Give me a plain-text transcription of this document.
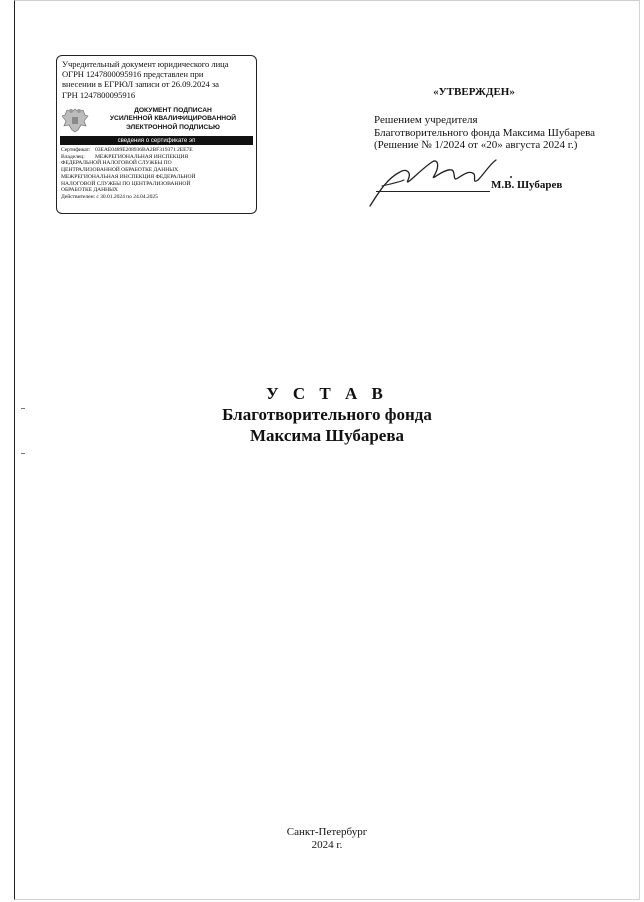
Учредительный документ юридического лица
ОГРН 1247800095916 представлен при
внесении в ЕГРЮЛ записи от 26.09.2024 за
ГРН 1247800095916
ДОКУМЕНТ ПОДПИСАН
УСИЛЕННОЙ КВАЛИФИЦИРОВАННОЙ
ЭЛЕКТРОННОЙ ПОДПИСЬЮ
сведения о сертификате эп
Сертификат: 03EAE0489E208936BA2BF319371 2EE7E
Владелец:	МЕЖРЕГИОНАЛЬНАЯ ИНСПЕКЦИЯ
ФЕДЕРАЛЬНОЙ НАЛОГОВОЙ СЛУЖБЫ ПО
ЦЕНТРАЛИЗОВАННОЙ ОБРАБОТКЕ ДАННЫХ
МЕЖРЕГИОНАЛЬНАЯ ИНСПЕКЦИЯ ФЕДЕРАЛЬНОЙ
НАЛОГОВОЙ СЛУЖБЫ ПО ЦЕНТРАЛИЗОВАННОЙ
ОБРАБОТКЕ ДАННЫХ
Действителен: с 30.01.2024 по 24.04.2025
«УТВЕРЖДЕН»
Решением учредителя
Благотворительного фонда Максима Шубарева
(Решение № 1/2024 от «20» августа 2024 г.)
М.В. Шубарев
У С Т А В
Благотворительного фонда
Максима Шубарева
Санкт-Петербург
2024 г.
